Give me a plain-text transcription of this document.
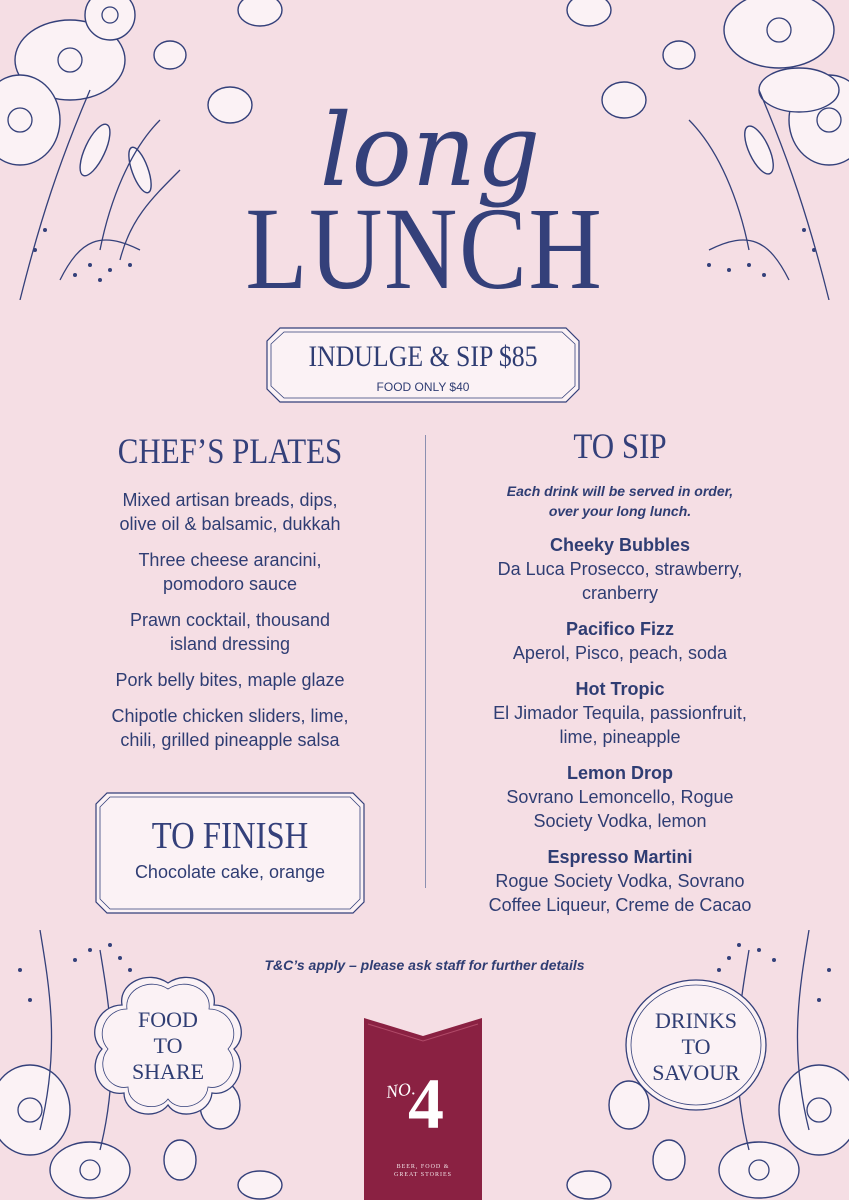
long
LUNCH
INDULGE & SIP $85
FOOD ONLY $40
CHEF’S PLATES
Mixed artisan breads, dips,
olive oil & balsamic, dukkah
Three cheese arancini,
pomodoro sauce
Prawn cocktail, thousand
island dressing
Pork belly bites, maple glaze
Chipotle chicken sliders, lime,
chili, grilled pineapple salsa
TO FINISH
Chocolate cake, orange
TO SIP
Each drink will be served in order,
over your long lunch.
Cheeky Bubbles
Da Luca Prosecco, strawberry,
cranberry
Pacifico Fizz
Aperol, Pisco, peach, soda
Hot Tropic
El Jimador Tequila, passionfruit,
lime, pineapple
Lemon Drop
Sovrano Lemoncello, Rogue
Society Vodka, lemon
Espresso Martini
Rogue Society Vodka, Sovrano
Coffee Liqueur, Creme de Cacao
T&C’s apply – please ask staff for further details
FOOD
TO
SHARE
DRINKS
TO
SAVOUR
NO.
4
BEER, FOOD &
GREAT STORIES
